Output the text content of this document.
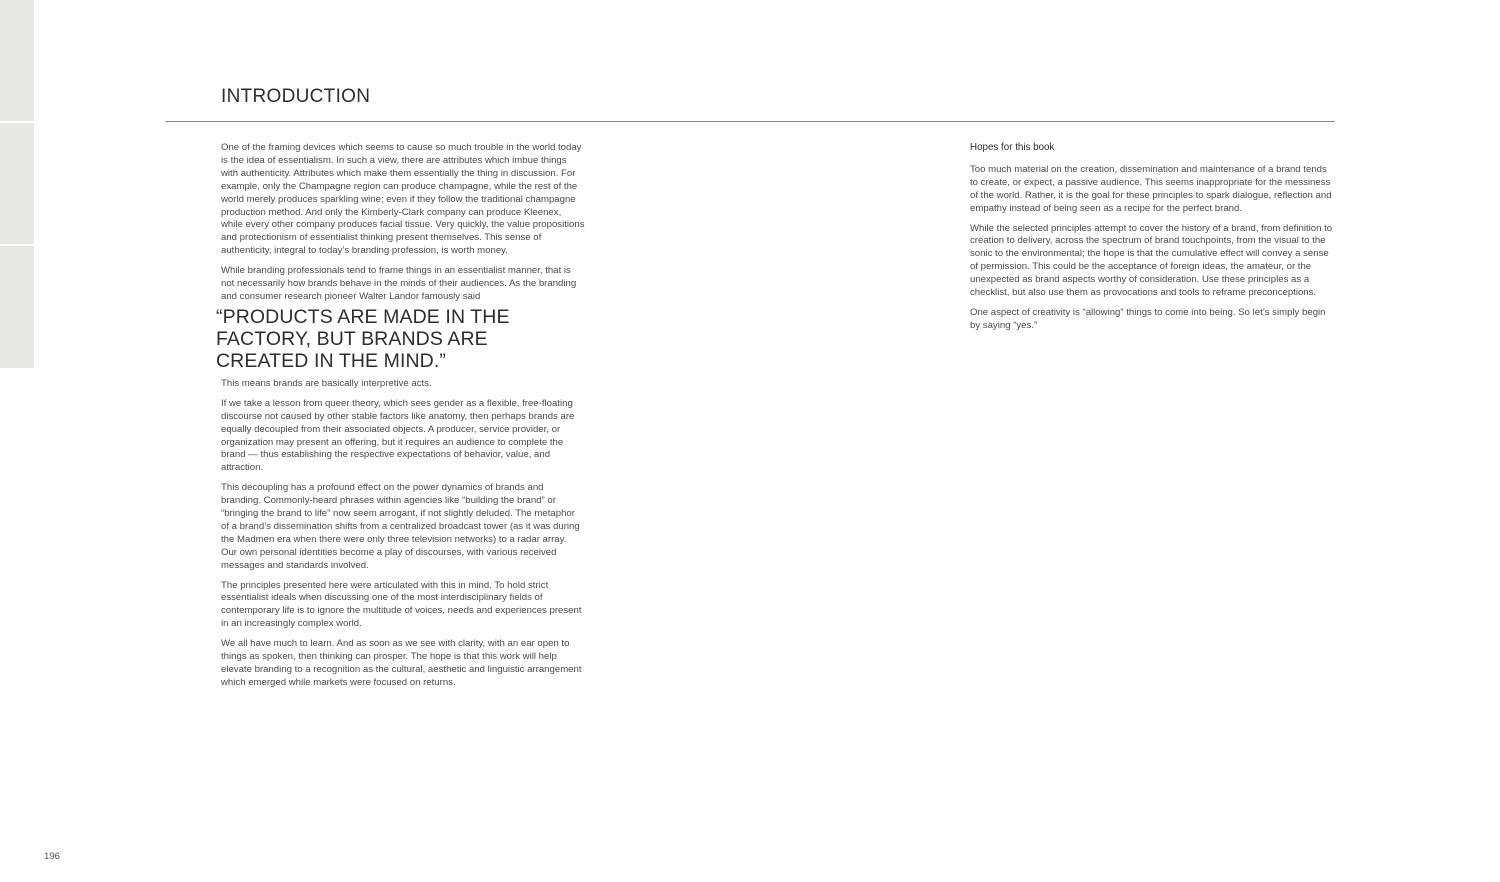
INTRODUCTION

One of the framing devices which seems to cause so much trouble in the world today is the idea of essentialism. In such a view, there are attributes which imbue things with authenticity. Attributes which make them essentially the thing in discussion. For example, only the Champagne region can produce champagne, while the rest of the world merely produces sparkling wine; even if they follow the traditional champagne production method. And only the Kimberly-Clark company can produce Kleenex, while every other company produces facial tissue. Very quickly, the value propositions and protectionism of essentialist thinking present themselves. This sense of authenticity, integral to today’s branding profession, is worth money.

While branding professionals tend to frame things in an essentialist manner, that is not necessarily how brands behave in the minds of their audiences. As the branding and consumer research pioneer Walter Landor famously said

“PRODUCTS ARE MADE IN THE FACTORY, BUT BRANDS ARE CREATED IN THE MIND.”

This means brands are basically interpretive acts.

If we take a lesson from queer theory, which sees gender as a flexible, free-floating discourse not caused by other stable factors like anatomy, then perhaps brands are equally decoupled from their associated objects. A producer, service provider, or organization may present an offering, but it requires an audience to complete the brand — thus establishing the respective expectations of behavior, value, and attraction.

This decoupling has a profound effect on the power dynamics of brands and branding. Commonly-heard phrases within agencies like “building the brand” or “bringing the brand to life” now seem arrogant, if not slightly deluded. The metaphor of a brand’s dissemination shifts from a centralized broadcast tower (as it was during the Madmen era when there were only three television networks) to a radar array. Our own personal identities become a play of discourses, with various received messages and standards involved.

The principles presented here were articulated with this in mind. To hold strict essentialist ideals when discussing one of the most interdisciplinary fields of contemporary life is to ignore the multitude of voices, needs and experiences present in an increasingly complex world.

We all have much to learn. And as soon as we see with clarity, with an ear open to things as spoken, then thinking can prosper. The hope is that this work will help elevate branding to a recognition as the cultural, aesthetic and linguistic arrangement which emerged while markets were focused on returns.

Hopes for this book

Too much material on the creation, dissemination and maintenance of a brand tends to create, or expect, a passive audience. This seems inappropriate for the messiness of the world. Rather, it is the goal for these principles to spark dialogue, reflection and empathy instead of being seen as a recipe for the perfect brand.

While the selected principles attempt to cover the history of a brand, from definition to creation to delivery, across the spectrum of brand touchpoints, from the visual to the sonic to the environmental; the hope is that the cumulative effect will convey a sense of permission. This could be the acceptance of foreign ideas, the amateur, or the unexpected as brand aspects worthy of consideration. Use these principles as a checklist, but also use them as provocations and tools to reframe preconceptions.

One aspect of creativity is “allowing” things to come into being. So let’s simply begin by saying “yes.”

196
